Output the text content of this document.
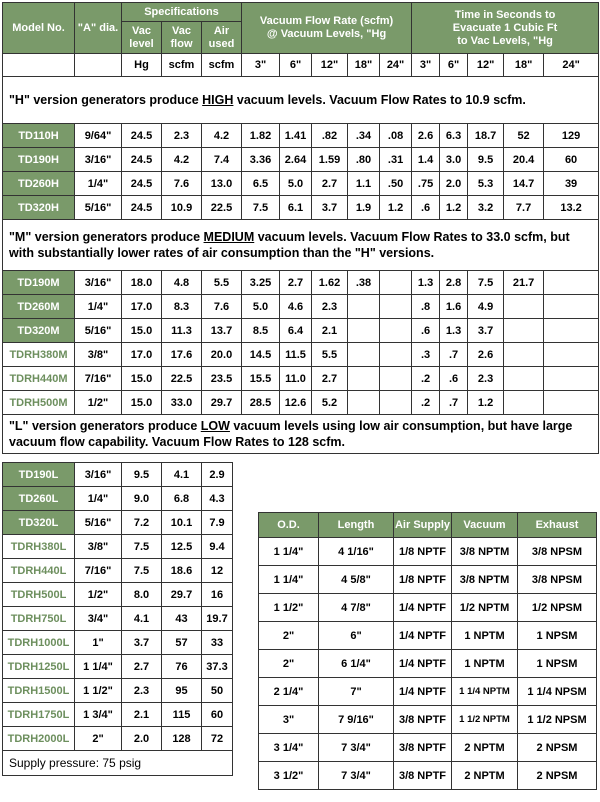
Model No.	"A" dia.	Specifications			Vacuum Flow Rate (scfm)
@ Vacuum Levels, "Hg					Time in Seconds to
Evacuate 1 Cubic Ft
to Vac Levels, "Hg				
		Vac level	Vac flow	Air used										
		Hg	scfm	scfm	3"	6"	12"	18"	24"	3"	6"	12"	18"	24"
"H" version generators produce HIGH vacuum levels. Vacuum Flow Rates to 10.9 scfm.														
TD110H	9/64"	24.5	2.3	4.2	1.82	1.41	.82	.34	.08	2.6	6.3	18.7	52	129
TD190H	3/16"	24.5	4.2	7.4	3.36	2.64	1.59	.80	.31	1.4	3.0	9.5	20.4	60
TD260H	1/4"	24.5	7.6	13.0	6.5	5.0	2.7	1.1	.50	.75	2.0	5.3	14.7	39
TD320H	5/16"	24.5	10.9	22.5	7.5	6.1	3.7	1.9	1.2	.6	1.2	3.2	7.7	13.2
"M" version generators produce MEDIUM vacuum levels. Vacuum Flow Rates to 33.0 scfm, but with substantially lower rates of air consumption than the "H" versions.														
TD190M	3/16"	18.0	4.8	5.5	3.25	2.7	1.62	.38		1.3	2.8	7.5	21.7	
TD260M	1/4"	17.0	8.3	7.6	5.0	4.6	2.3			.8	1.6	4.9		
TD320M	5/16"	15.0	11.3	13.7	8.5	6.4	2.1			.6	1.3	3.7		
TDRH380M	3/8"	17.0	17.6	20.0	14.5	11.5	5.5			.3	.7	2.6		
TDRH440M	7/16"	15.0	22.5	23.5	15.5	11.0	2.7			.2	.6	2.3		
TDRH500M	1/2"	15.0	33.0	29.7	28.5	12.6	5.2			.2	.7	1.2		
"L" version generators produce LOW vacuum levels using low air consumption, but have large vacuum flow capability. Vacuum Flow Rates to 128 scfm.														
TD190L	3/16"	9.5	4.1	2.9
TD260L	1/4"	9.0	6.8	4.3
TD320L	5/16"	7.2	10.1	7.9
TDRH380L	3/8"	7.5	12.5	9.4
TDRH440L	7/16"	7.5	18.6	12
TDRH500L	1/2"	8.0	29.7	16
TDRH750L	3/4"	4.1	43	19.7
TDRH1000L	1"	3.7	57	33
TDRH1250L	1 1/4"	2.7	76	37.3
TDRH1500L	1 1/2"	2.3	95	50
TDRH1750L	1 3/4"	2.1	115	60
TDRH2000L	2"	2.0	128	72
Supply pressure: 75 psig				
O.D.	Length	Air Supply	Vacuum	Exhaust
1 1/4"	4 1/16"	1/8 NPTF	3/8 NPTM	3/8 NPSM
1 1/4"	4 5/8"	1/8 NPTF	3/8 NPTM	3/8 NPSM
1 1/2"	4 7/8"	1/4 NPTF	1/2 NPTM	1/2 NPSM
2"	6"	1/4 NPTF	1 NPTM	1 NPSM
2"	6 1/4"	1/4 NPTF	1 NPTM	1 NPSM
2 1/4"	7"	1/4 NPTF	1 1/4 NPTM	1 1/4 NPSM
3"	7 9/16"	3/8 NPTF	1 1/2 NPTM	1 1/2 NPSM
3 1/4"	7 3/4"	3/8 NPTF	2 NPTM	2 NPSM
3 1/2"	7 3/4"	3/8 NPTF	2 NPTM	2 NPSM
